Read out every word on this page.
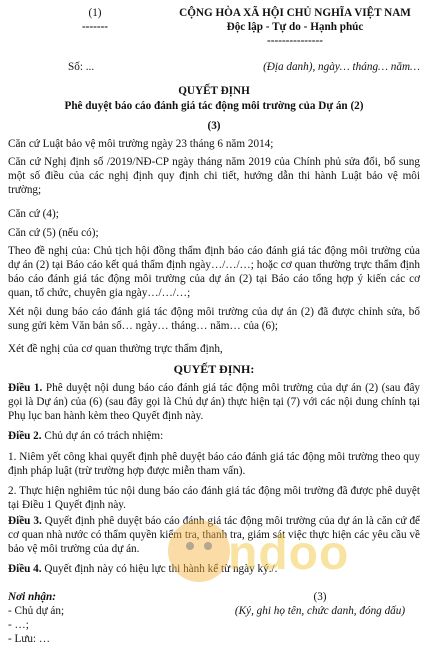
(1)
-------
CỘNG HÒA XÃ HỘI CHỦ NGHĨA VIỆT NAM
Độc lập - Tự do - Hạnh phúc
---------------
Số: ...	(Địa danh), ngày… tháng… năm…
QUYẾT ĐỊNH
Phê duyệt báo cáo đánh giá tác động môi trường của Dự án (2)
(3)
Căn cứ Luật bảo vệ môi trường ngày 23 tháng 6 năm 2014;
Căn cứ Nghị định số /2019/NĐ-CP ngày tháng năm 2019 của Chính phủ sửa đổi, bổ sung một số điều của các nghị định quy định chi tiết, hướng dẫn thi hành Luật bảo vệ môi trường;
Căn cứ (4);
Căn cứ (5) (nếu có);
Theo đề nghị của: Chủ tịch hội đồng thẩm định báo cáo đánh giá tác động môi trường của dự án (2) tại Báo cáo kết quả thẩm định ngày…/…/…; hoặc cơ quan thường trực thẩm định báo cáo đánh giá tác động môi trường của dự án (2) tại Báo cáo tổng hợp ý kiến các cơ quan, tổ chức, chuyên gia ngày…/…/…;
Xét nội dung báo cáo đánh giá tác động môi trường của dự án (2) đã được chỉnh sửa, bổ sung gửi kèm Văn bản số… ngày… tháng… năm… của (6);
Xét đề nghị của cơ quan thường trực thẩm định,
QUYẾT ĐỊNH:
Điều 1. Phê duyệt nội dung báo cáo đánh giá tác động môi trường của dự án (2) (sau đây gọi là Dự án) của (6) (sau đây gọi là Chủ dự án) thực hiện tại (7) với các nội dung chính tại Phụ lục ban hành kèm theo Quyết định này.
Điều 2. Chủ dự án có trách nhiệm:
1. Niêm yết công khai quyết định phê duyệt báo cáo đánh giá tác động môi trường theo quy định pháp luật (trừ trường hợp được miễn tham vấn).
2. Thực hiện nghiêm túc nội dung báo cáo đánh giá tác động môi trường đã được phê duyệt tại Điều 1 Quyết định này.
Điều 3. Quyết định phê duyệt báo cáo đánh giá tác động môi trường của dự án là căn cứ để cơ quan nhà nước có thẩm quyền kiểm tra, thanh tra, giám sát việc thực hiện các yêu cầu về bảo vệ môi trường của dự án.
Điều 4. Quyết định này có hiệu lực thi hành kể từ ngày ký./.
ndoo
Nơi nhận:
- Chủ dự án;
- …;
- Lưu: …
(3)
(Ký, ghi họ tên, chức danh, đóng dấu)
